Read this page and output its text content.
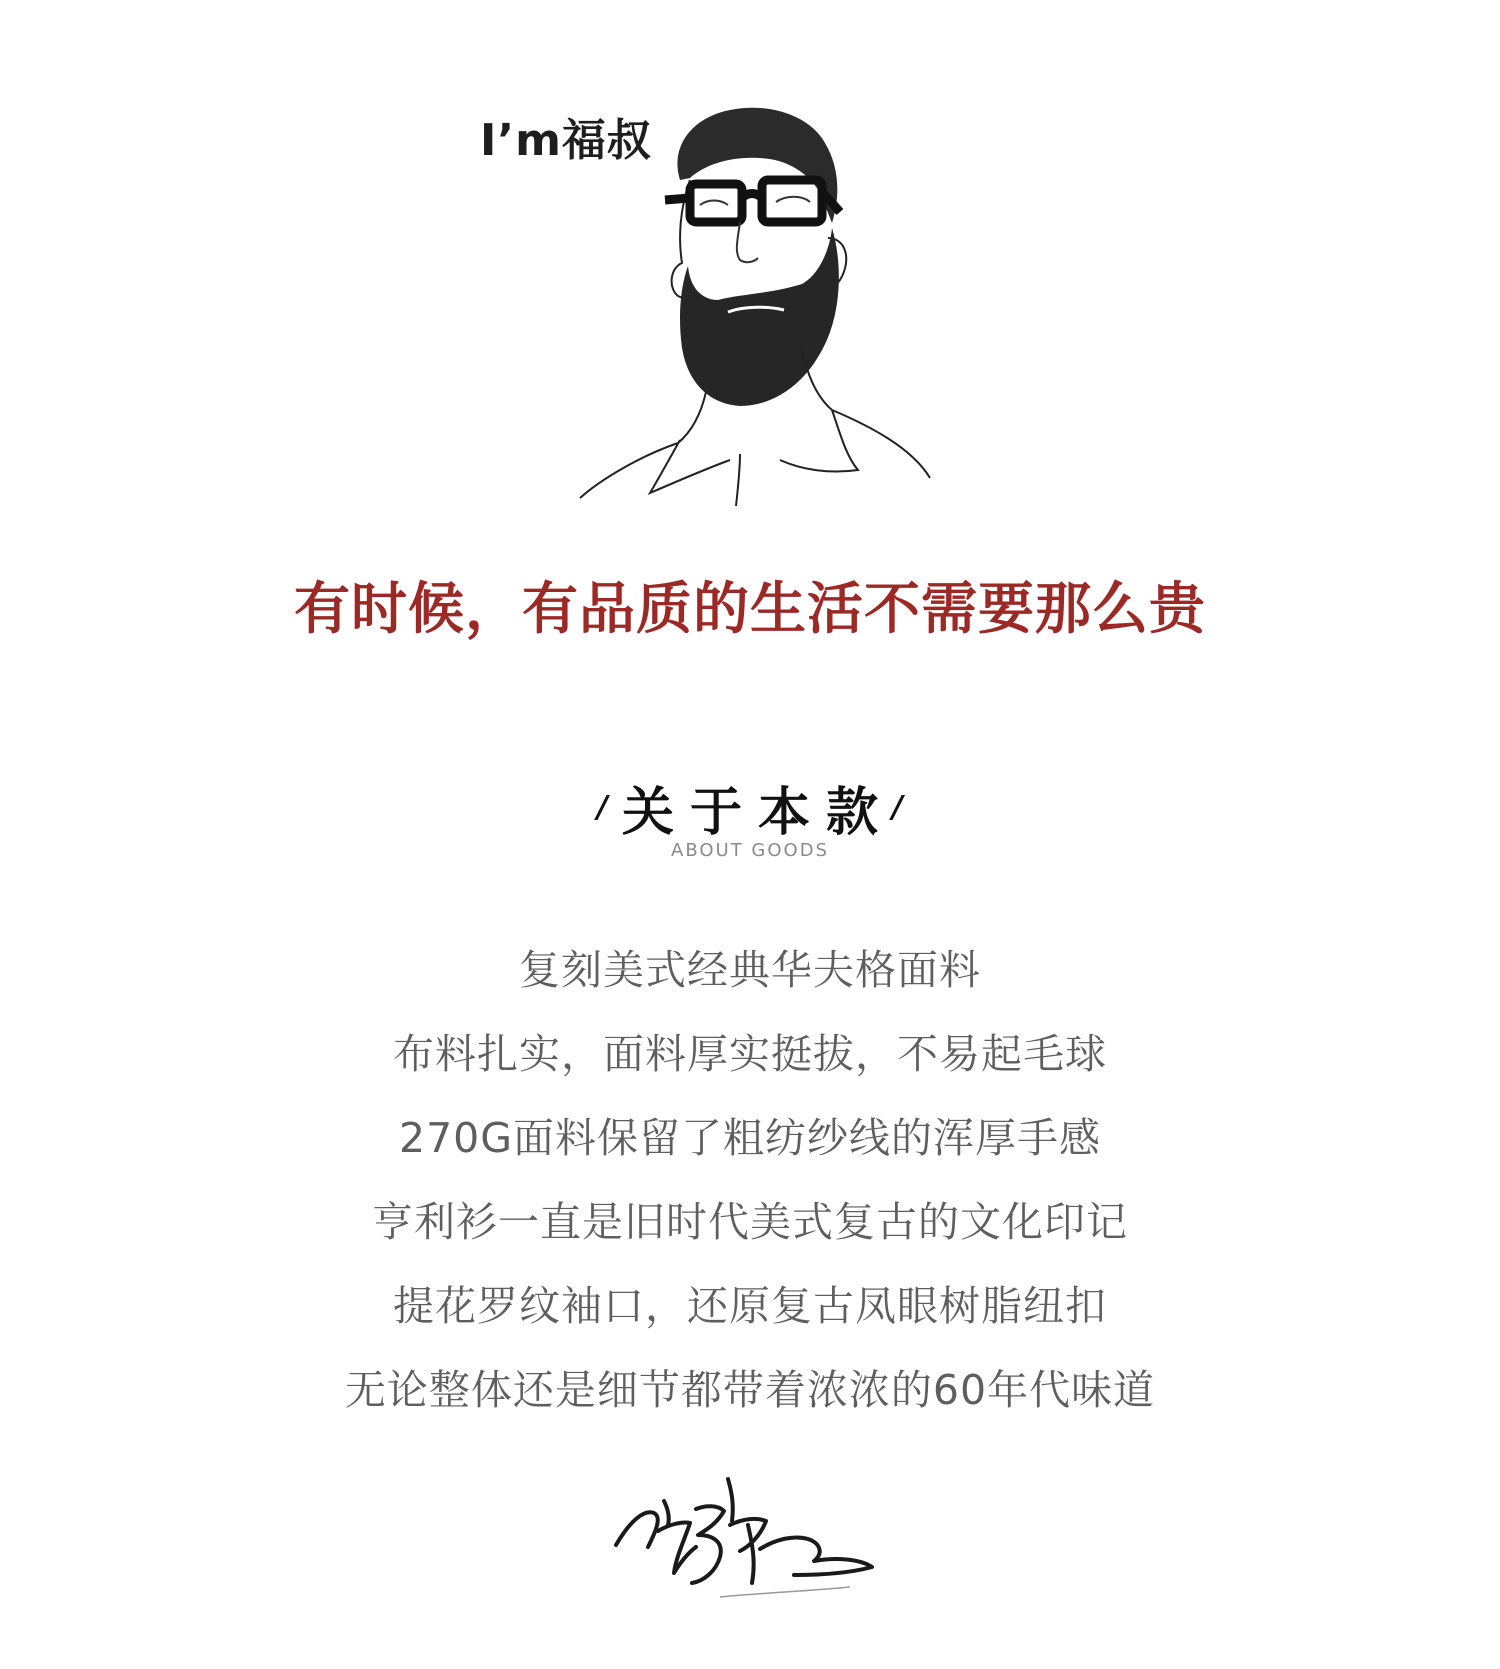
I’m福叔
有时候，有品质的生活不需要那么贵
/ 关于本款/
ABOUT GOODS
复刻美式经典华夫格面料
布料扎实，面料厚实挺拔，不易起毛球
270G面料保留了粗纺纱线的浑厚手感
亨利衫一直是旧时代美式复古的文化印记
提花罗纹袖口，还原复古凤眼树脂纽扣
无论整体还是细节都带着浓浓的60年代味道
